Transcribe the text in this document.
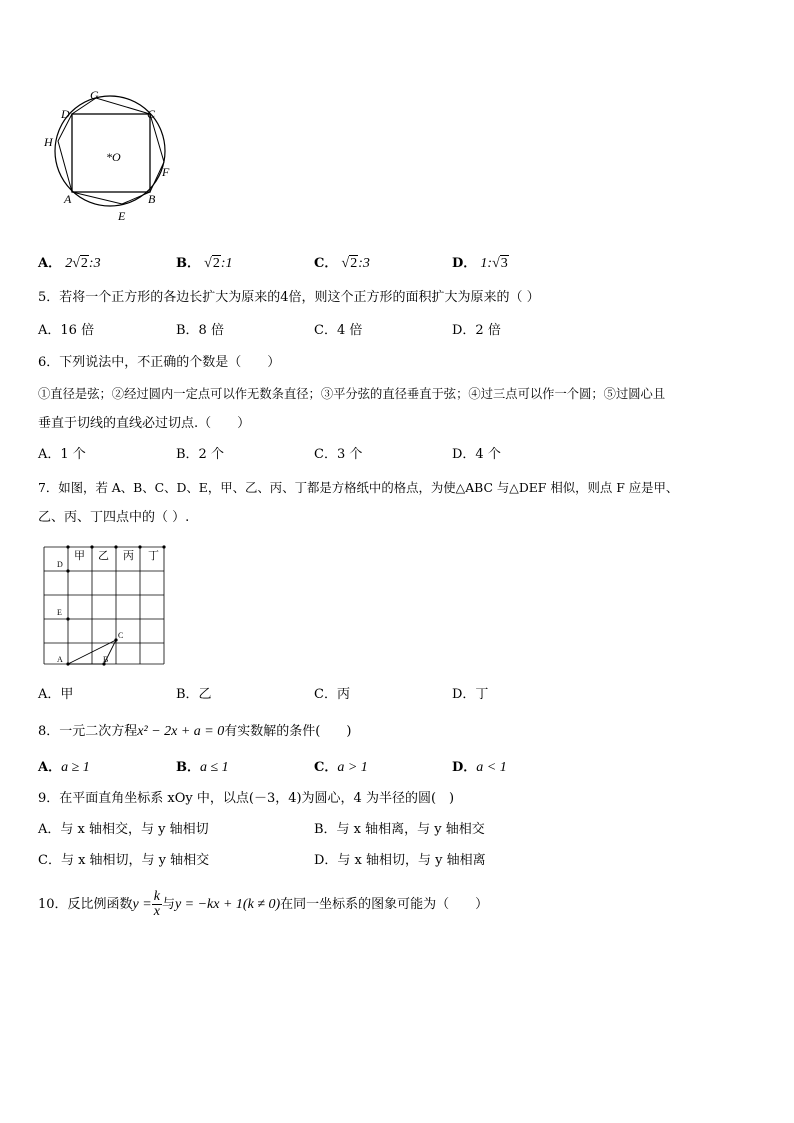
G
D	C
H
*O
F
A	B
E
A． 2√2:3	B． √2:1	C． √2:3	D． 1:√3
5．若将一个正方形的各边长扩大为原来的4倍，则这个正方形的面积扩大为原来的（ ）
A．16 倍	B．8 倍	C．4 倍	D．2 倍
6．下列说法中，不正确的个数是（　　）
①直径是弦；②经过圆内一定点可以作无数条直径；③平分弦的直径垂直于弦；④过三点可以作一个圆；⑤过圆心且
垂直于切线的直线必过切点.（　　）
A．1 个	B．2 个	C．3 个	D．4 个
7．如图，若 A、B、C、D、E，甲、乙、丙、丁都是方格纸中的格点，为使△ABC 与△DEF 相似，则点 F 应是甲、
乙、丙、丁四点中的（ ）.
甲 乙 丙 丁
D
E
A	B
C
A．甲	B．乙	C．丙	D．丁
8．一元二次方程x² − 2x + a = 0有实数解的条件(　　)
A．a ≥ 1	B．a ≤ 1	C．a > 1	D．a < 1
9．在平面直角坐标系 xOy 中，以点(－3，4)为圆心，4 为半径的圆(　)
A．与 x 轴相交，与 y 轴相切	B．与 x 轴相离，与 y 轴相交
C．与 x 轴相切，与 y 轴相交	D．与 x 轴相切，与 y 轴相离
10．反比例函数$y = \frac{k}{x}$ 与y = −kx + 1(k ≠ 0)在同一坐标系的图象可能为（　　）
